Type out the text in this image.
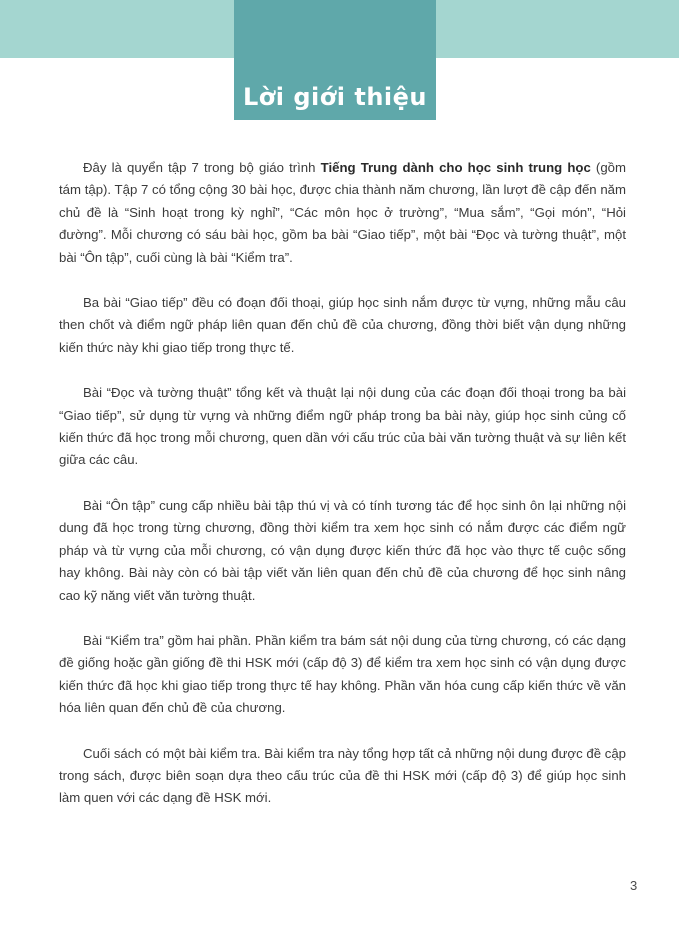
Lời giới thiệu

Đây là quyển tập 7 trong bộ giáo trình Tiếng Trung dành cho học sinh trung học (gồm tám tập). Tập 7 có tổng cộng 30 bài học, được chia thành năm chương, lần lượt đề cập đến năm chủ đề là “Sinh hoạt trong kỳ nghỉ”, “Các môn học ở trường”, “Mua sắm”, “Gọi món”, “Hỏi đường”. Mỗi chương có sáu bài học, gồm ba bài “Giao tiếp”, một bài “Đọc và tường thuật”, một bài “Ôn tập”, cuối cùng là bài “Kiểm tra”.

Ba bài “Giao tiếp” đều có đoạn đối thoại, giúp học sinh nắm được từ vựng, những mẫu câu then chốt và điểm ngữ pháp liên quan đến chủ đề của chương, đồng thời biết vận dụng những kiến thức này khi giao tiếp trong thực tế.

Bài “Đọc và tường thuật” tổng kết và thuật lại nội dung của các đoạn đối thoại trong ba bài “Giao tiếp”, sử dụng từ vựng và những điểm ngữ pháp trong ba bài này, giúp học sinh củng cố kiến thức đã học trong mỗi chương, quen dần với cấu trúc của bài văn tường thuật và sự liên kết giữa các câu.

Bài “Ôn tập” cung cấp nhiều bài tập thú vị và có tính tương tác để học sinh ôn lại những nội dung đã học trong từng chương, đồng thời kiểm tra xem học sinh có nắm được các điểm ngữ pháp và từ vựng của mỗi chương, có vận dụng được kiến thức đã học vào thực tế cuộc sống hay không. Bài này còn có bài tập viết văn liên quan đến chủ đề của chương để học sinh nâng cao kỹ năng viết văn tường thuật.

Bài “Kiểm tra” gồm hai phần. Phần kiểm tra bám sát nội dung của từng chương, có các dạng đề giống hoặc gần giống đề thi HSK mới (cấp độ 3) để kiểm tra xem học sinh có vận dụng được kiến thức đã học khi giao tiếp trong thực tế hay không. Phần văn hóa cung cấp kiến thức về văn hóa liên quan đến chủ đề của chương.

Cuối sách có một bài kiểm tra. Bài kiểm tra này tổng hợp tất cả những nội dung được đề cập trong sách, được biên soạn dựa theo cấu trúc của đề thi HSK mới (cấp độ 3) để giúp học sinh làm quen với các dạng đề HSK mới.

3
